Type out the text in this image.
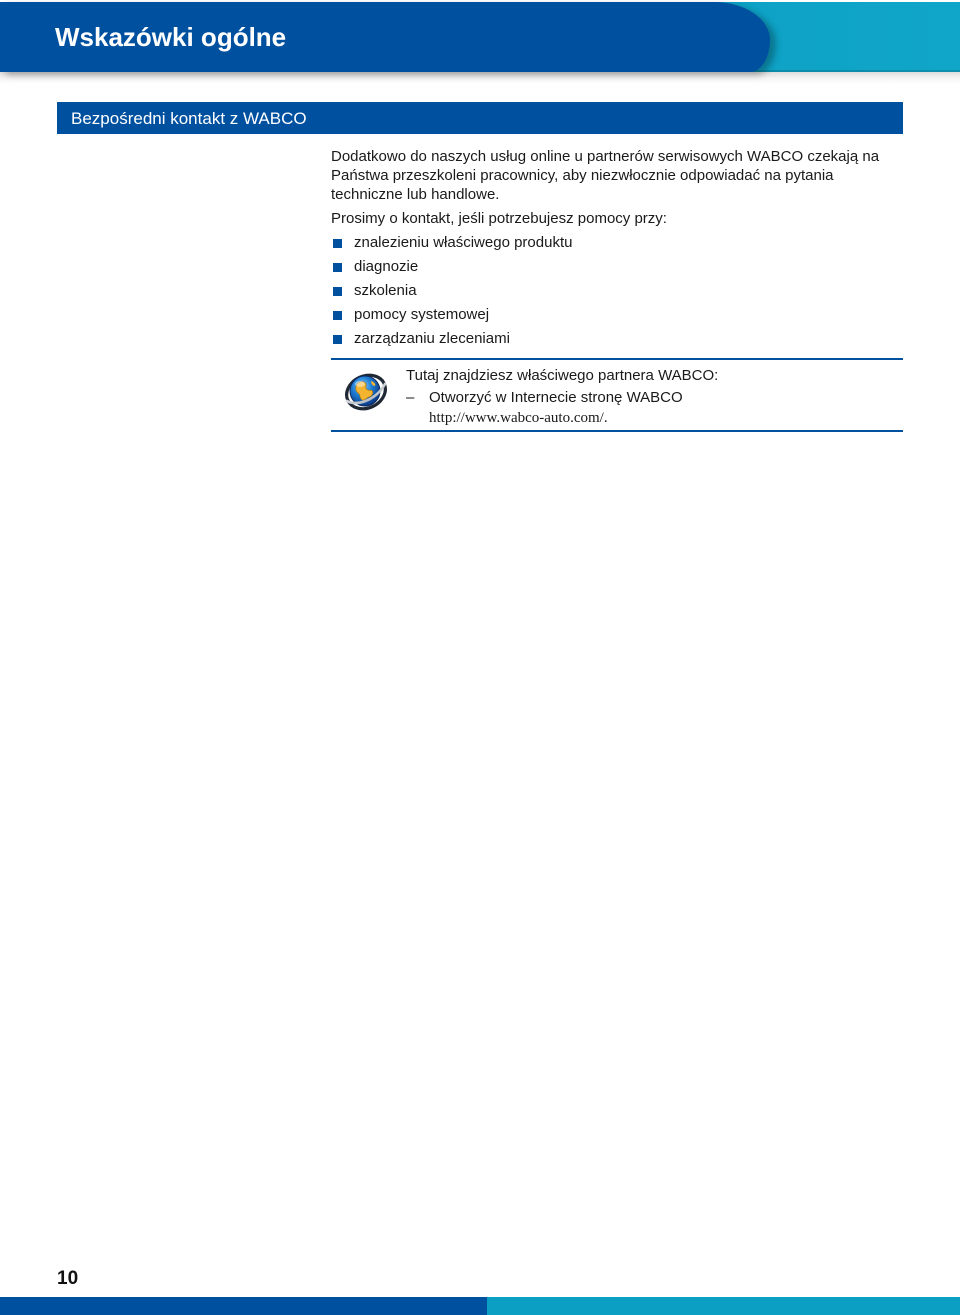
Wskazówki ogólne
Bezpośredni kontakt z WABCO

Dodatkowo do naszych usług online u partnerów serwisowych WABCO czekają na Państwa przeszkoleni pracownicy, aby niezwłocznie odpowiadać na pytania techniczne lub handlowe.

Prosimy o kontakt, jeśli potrzebujesz pomocy przy:

znalezieniu właściwego produktu
diagnozie
szkolenia
pomocy systemowej
zarządzaniu zleceniami
Tutaj znajdziesz właściwego partnera WABCO:
– Otworzyć w Internecie stronę WABCO
http://www.wabco-auto.com/.
10
